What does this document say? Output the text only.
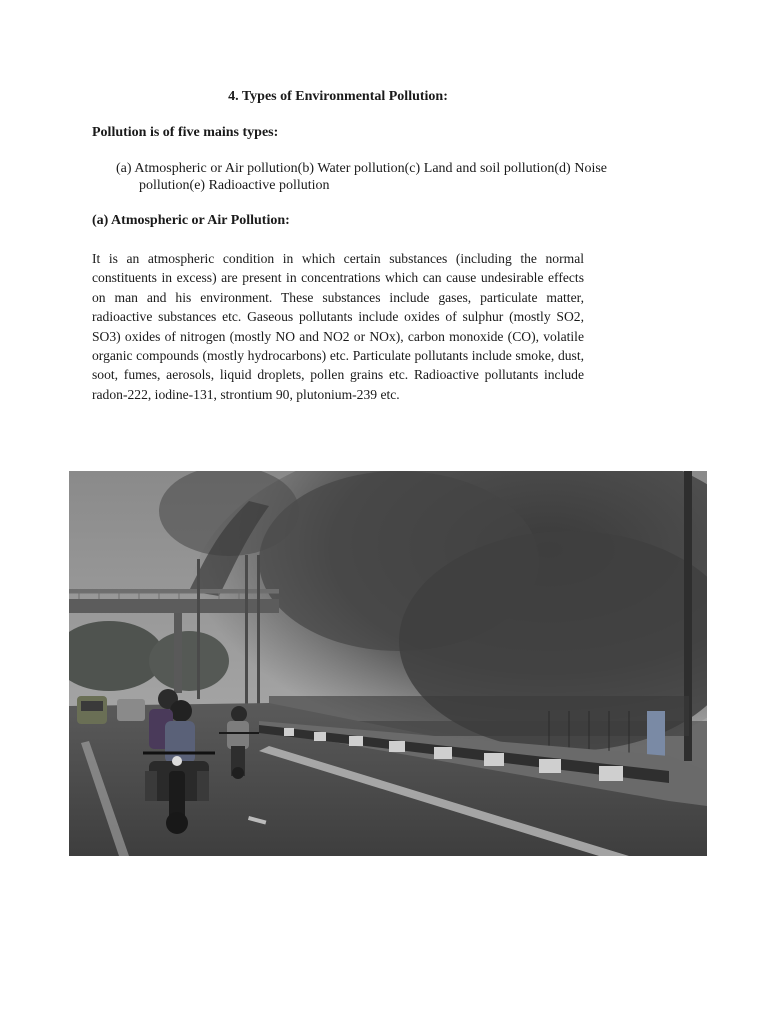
4. Types of Environmental Pollution:
Pollution is of five mains types:
(a) Atmospheric or Air pollution(b) Water pollution(c) Land and soil pollution(d) Noise pollution(e) Radioactive pollution
(a) Atmospheric or Air Pollution:
It is an atmospheric condition in which certain substances (including the normal constituents in excess) are present in concentrations which can cause undesirable effects on man and his environment. These substances include gases, particulate matter, radioactive substances etc. Gaseous pollutants include oxides of sulphur (mostly SO2, SO3) oxides of nitrogen (mostly NO and NO2 or NOx), carbon monoxide (CO), volatile organic compounds (mostly hydrocarbons) etc. Particulate pollutants include smoke, dust, soot, fumes, aerosols, liquid droplets, pollen grains etc. Radioactive pollutants include radon-222, iodine-131, strontium 90, plutonium-239 etc.
